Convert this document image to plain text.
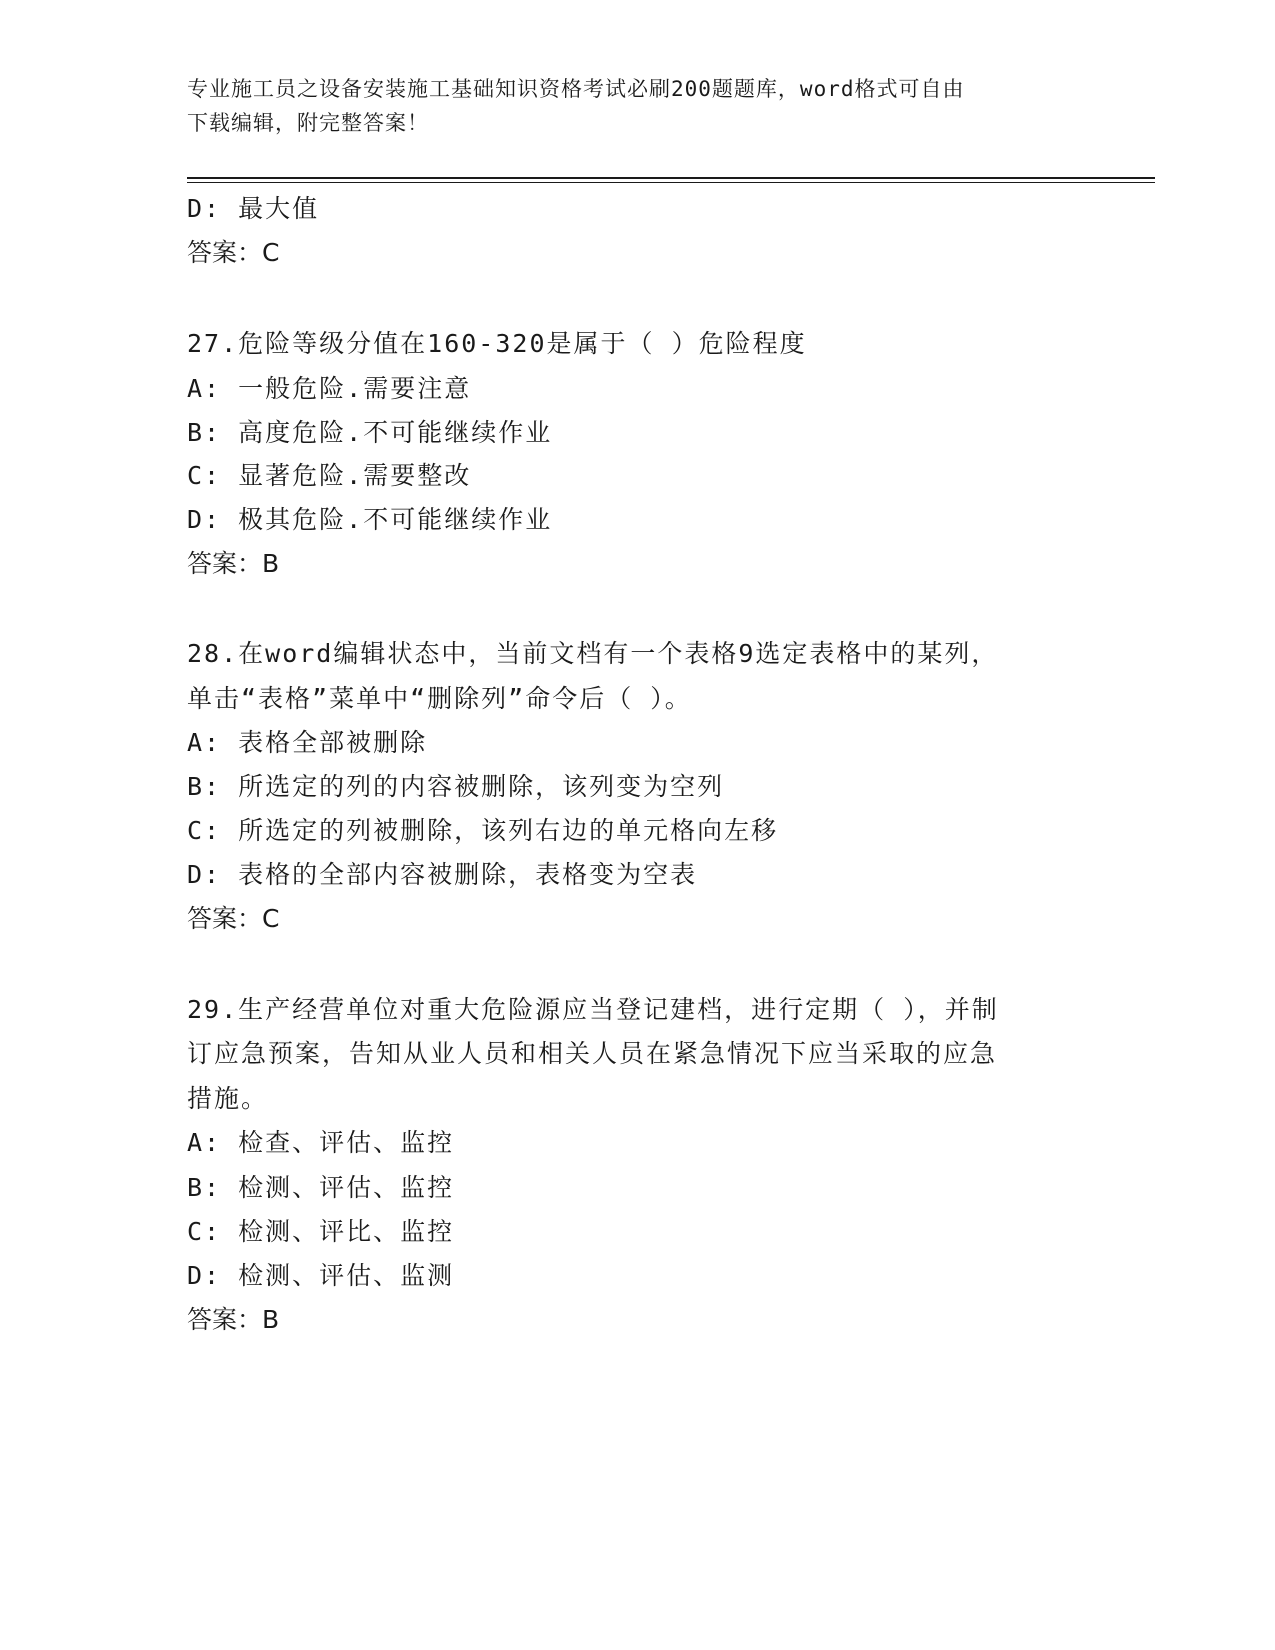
专业施工员之设备安装施工基础知识资格考试必刷200题题库，word格式可自由
下载编辑，附完整答案！
D: 最大值
答案：C
27.危险等级分值在160-320是属于（ ）危险程度
A: 一般危险.需要注意
B: 高度危险.不可能继续作业
C: 显著危险.需要整改
D: 极其危险.不可能继续作业
答案：B
28.在word编辑状态中，当前文档有一个表格9选定表格中的某列，
单击“表格”菜单中“删除列”命令后（ ）。
A: 表格全部被删除
B: 所选定的列的内容被删除，该列变为空列
C: 所选定的列被删除，该列右边的单元格向左移
D: 表格的全部内容被删除，表格变为空表
答案：C
29.生产经营单位对重大危险源应当登记建档，进行定期（ ），并制
订应急预案，告知从业人员和相关人员在紧急情况下应当采取的应急
措施。
A: 检查、评估、监控
B: 检测、评估、监控
C: 检测、评比、监控
D: 检测、评估、监测
答案：B
